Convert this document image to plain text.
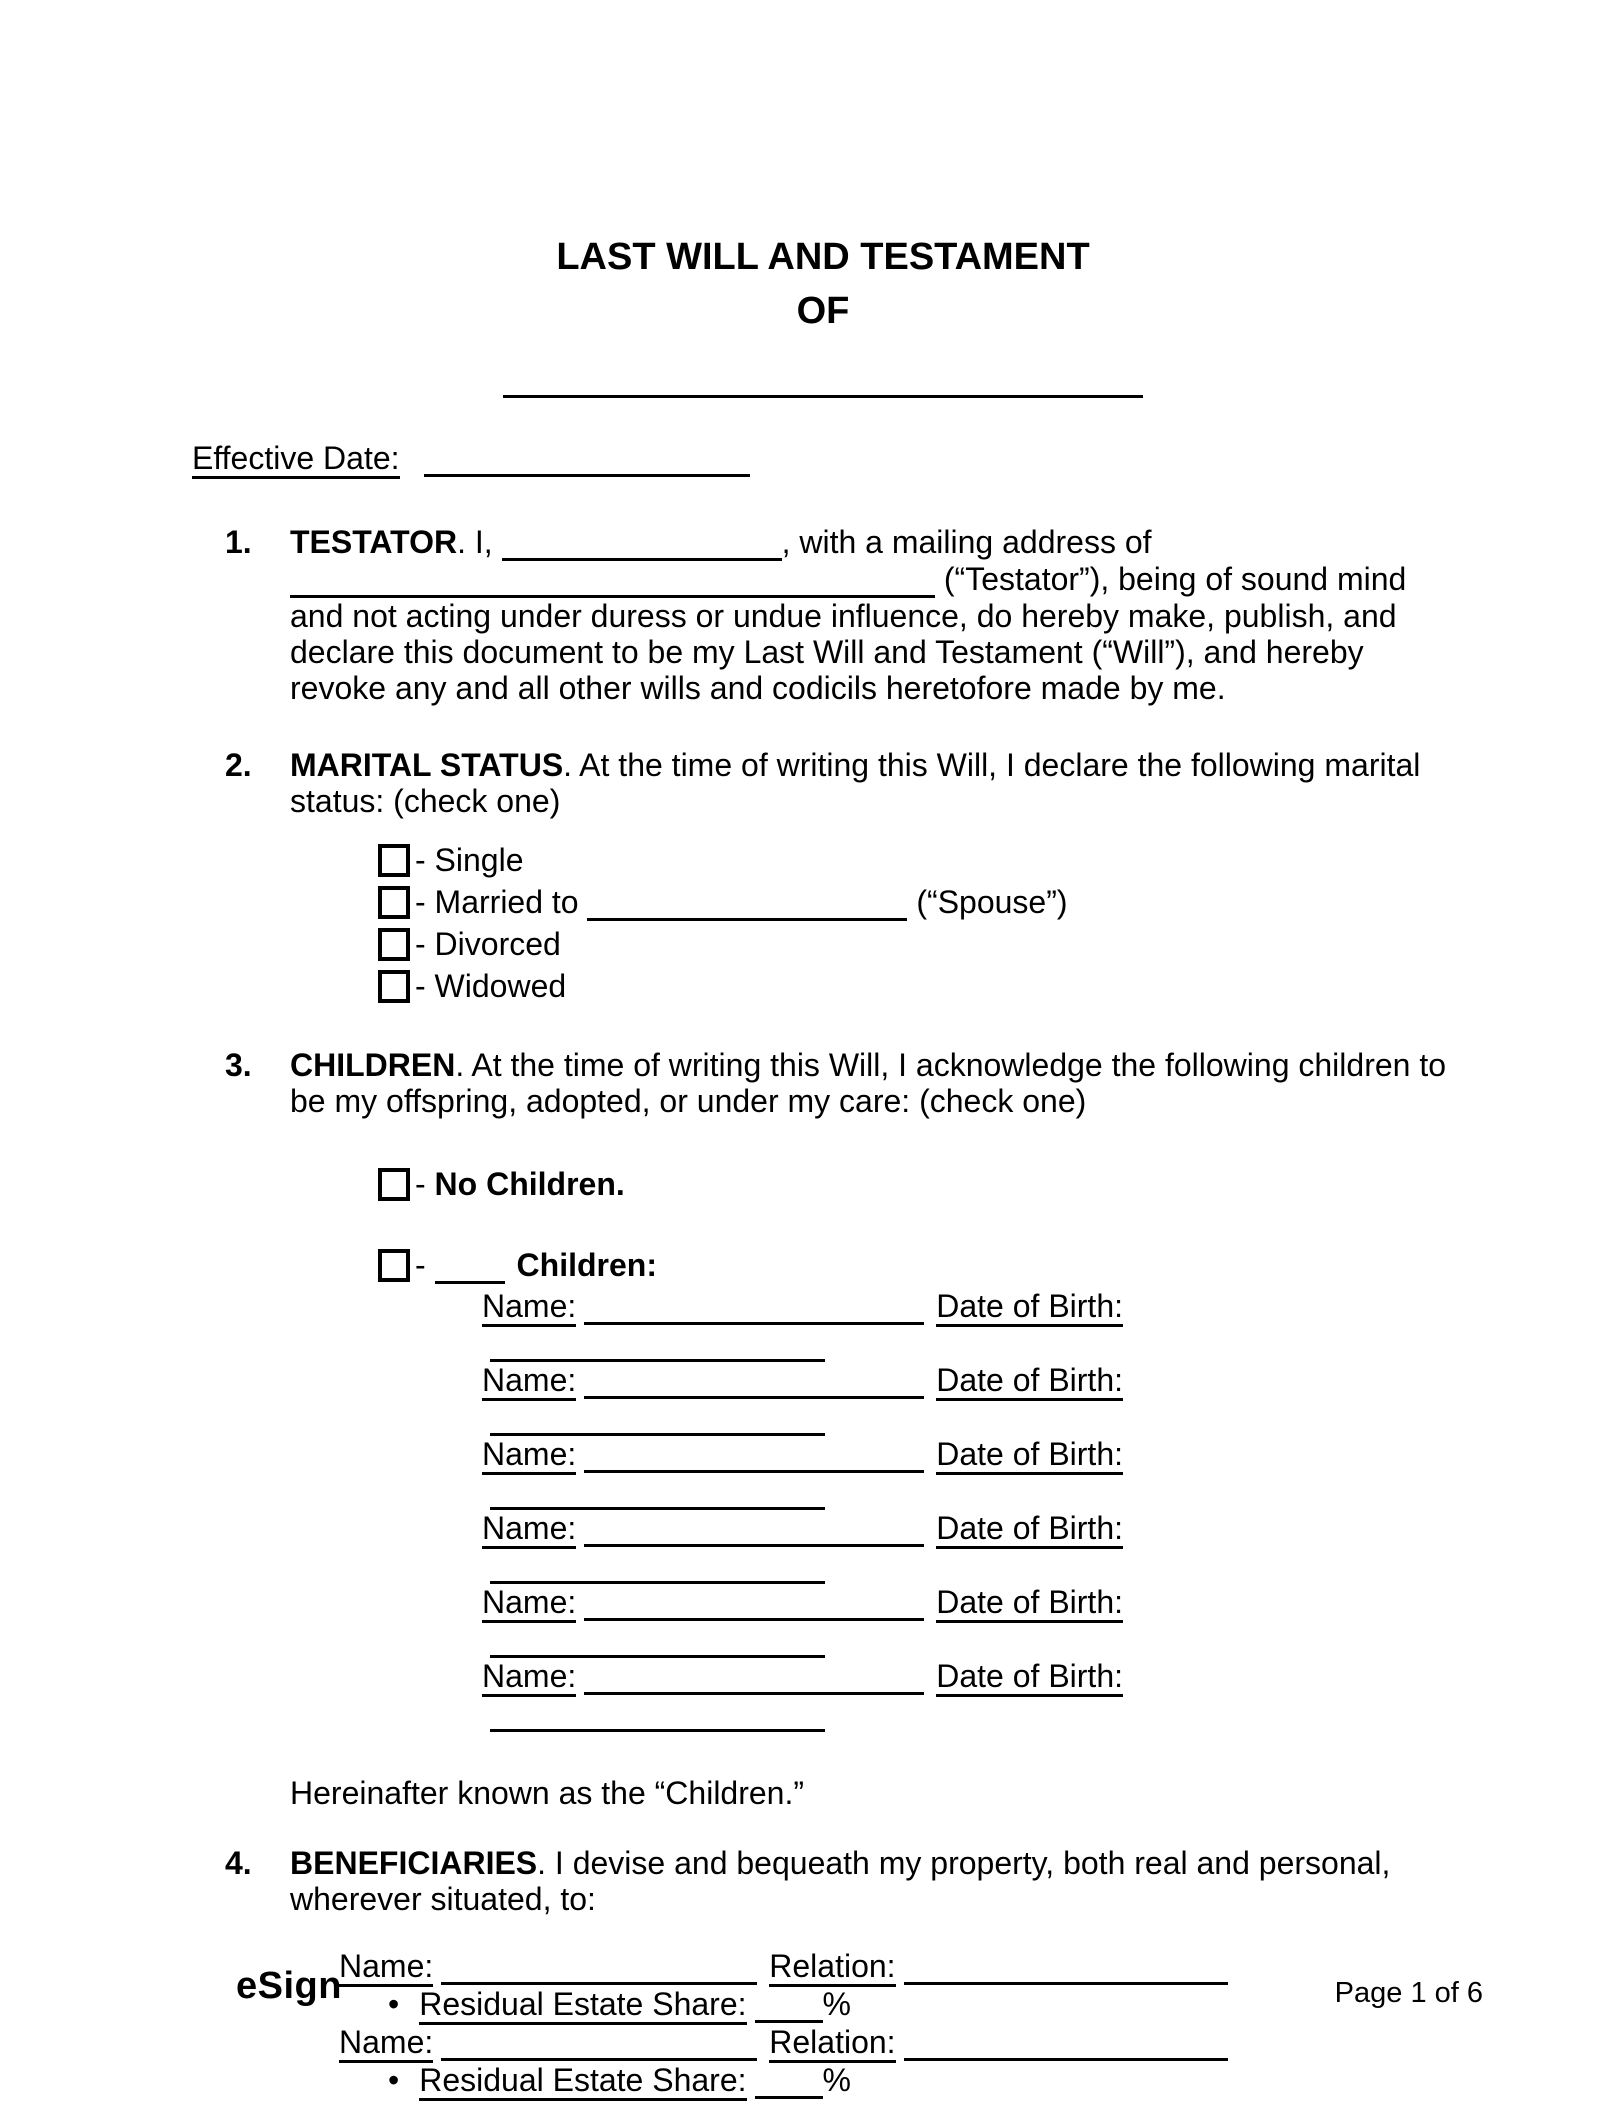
LAST WILL AND TESTAMENT
OF
Effective Date:
1.	TESTATOR. I,	, with a mailing address of  (“Testator”), being of sound mind and not acting under duress or undue influence, do hereby make, publish, and declare this document to be my Last Will and Testament (“Will”), and hereby revoke any and all other wills and codicils heretofore made by me.
2.	MARITAL STATUS. At the time of writing this Will, I declare the following marital status: (check one)
- Single
- Married to	(“Spouse”)
- Divorced
- Widowed
3.	CHILDREN. At the time of writing this Will, I acknowledge the following children to be my offspring, adopted, or under my care: (check one)
- No Children.
-	Children:
Name:	Date of Birth:
Name:	Date of Birth:
Name:	Date of Birth:
Name:	Date of Birth:
Name:	Date of Birth:
Name:	Date of Birth:
Hereinafter known as the “Children.”
4.	BENEFICIARIES. I devise and bequeath my property, both real and personal, wherever situated, to:
Name:	Relation:
• Residual Estate Share: %
Name:	Relation:
• Residual Estate Share: %
eSign	Page 1 of 6
